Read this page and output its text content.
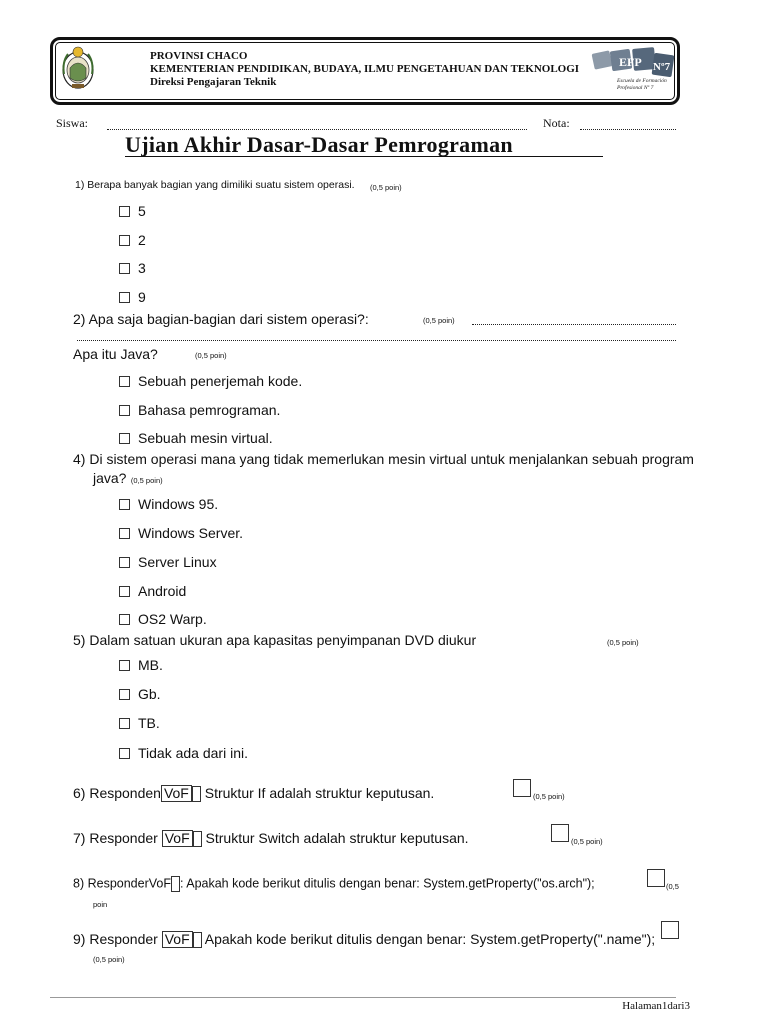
PROVINSI CHACO
KEMENTERIAN PENDIDIKAN, BUDAYA, ILMU PENGETAHUAN DAN TEKNOLOGI
Direksi Pengajaran Teknik
EFP Nº7
Escuela de Formación
Profesional Nº 7
Siswa:	Nota:
Ujian Akhir Dasar-Dasar Pemrograman
1) Berapa banyak bagian yang dimiliki suatu sistem operasi. (0,5 poin)
5
2
3
9
2) Apa saja bagian-bagian dari sistem operasi?:	(0,5 poin)
Apa itu Java?	(0,5 poin)
Sebuah penerjemah kode.
Bahasa pemrograman.
Sebuah mesin virtual.
4) Di sistem operasi mana yang tidak memerlukan mesin virtual untuk menjalankan sebuah program
java? (0,5 poin)
Windows 95.
Windows Server.
Server Linux
Android
OS2 Warp.
5) Dalam satuan ukuran apa kapasitas penyimpanan DVD diukur	(0,5 poin)
MB.
Gb.
TB.
Tidak ada dari ini.
6) Responden VoF Struktur If adalah struktur keputusan.	(0,5 poin)
7) Responder VoF Struktur Switch adalah struktur keputusan.	(0,5 poin)
8) ResponderVoF : Apakah kode berikut ditulis dengan benar: System.getProperty("os.arch");	(0,5
poin
9) Responder VoF Apakah kode berikut ditulis dengan benar: System.getProperty(".name");
(0,5 poin)
Halaman1dari3
